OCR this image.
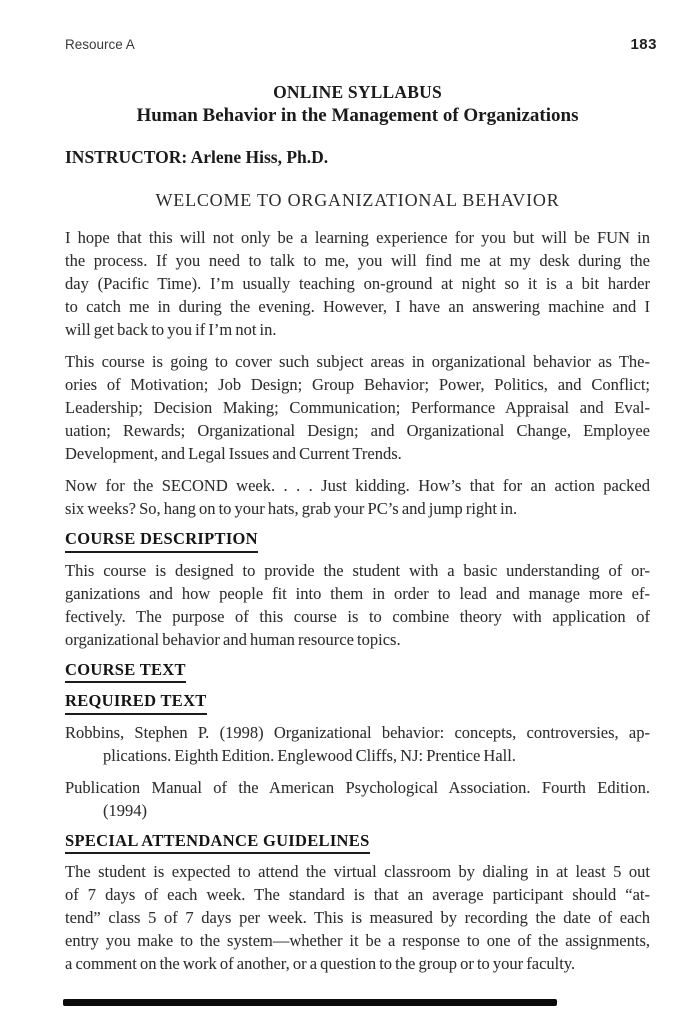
Resource A	183
ONLINE SYLLABUS
Human Behavior in the Management of Organizations
INSTRUCTOR: Arlene Hiss, Ph.D.
WELCOME TO ORGANIZATIONAL BEHAVIOR
I hope that this will not only be a learning experience for you but will be FUN in
the process. If you need to talk to me, you will find me at my desk during the
day (Pacific Time). I’m usually teaching on-ground at night so it is a bit harder
to catch me in during the evening. However, I have an answering machine and I
will get back to you if I’m not in.
This course is going to cover such subject areas in organizational behavior as The-
ories of Motivation; Job Design; Group Behavior; Power, Politics, and Conflict;
Leadership; Decision Making; Communication; Performance Appraisal and Eval-
uation; Rewards; Organizational Design; and Organizational Change, Employee
Development, and Legal Issues and Current Trends.
Now for the SECOND week. . . . Just kidding. How’s that for an action packed
six weeks? So, hang on to your hats, grab your PC’s and jump right in.
COURSE DESCRIPTION
This course is designed to provide the student with a basic understanding of or-
ganizations and how people fit into them in order to lead and manage more ef-
fectively. The purpose of this course is to combine theory with application of
organizational behavior and human resource topics.
COURSE TEXT
REQUIRED TEXT
Robbins, Stephen P. (1998) Organizational behavior: concepts, controversies, ap-
plications. Eighth Edition. Englewood Cliffs, NJ: Prentice Hall.
Publication Manual of the American Psychological Association. Fourth Edition.
(1994)
SPECIAL ATTENDANCE GUIDELINES
The student is expected to attend the virtual classroom by dialing in at least 5 out
of 7 days of each week. The standard is that an average participant should “at-
tend” class 5 of 7 days per week. This is measured by recording the date of each
entry you make to the system—whether it be a response to one of the assignments,
a comment on the work of another, or a question to the group or to your faculty.
